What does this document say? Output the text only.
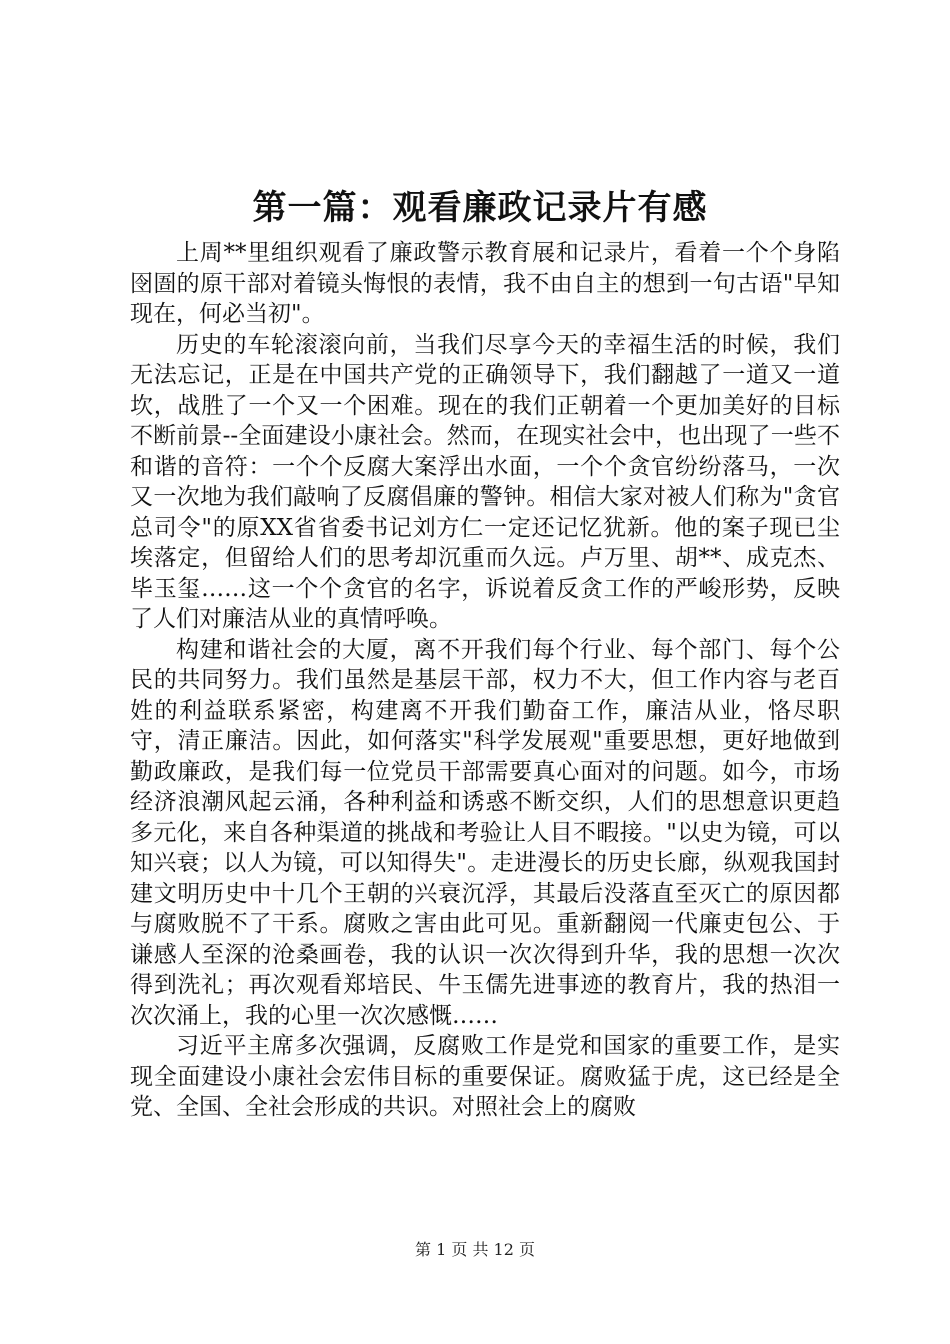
第一篇：观看廉政记录片有感

上周**里组织观看了廉政警示教育展和记录片，看着一个个身陷囹圄的原干部对着镜头悔恨的表情，我不由自主的想到一句古语"早知现在，何必当初"。

历史的车轮滚滚向前，当我们尽享今天的幸福生活的时候，我们无法忘记，正是在中国共产党的正确领导下，我们翻越了一道又一道坎，战胜了一个又一个困难。现在的我们正朝着一个更加美好的目标不断前景--全面建设小康社会。然而，在现实社会中，也出现了一些不和谐的音符：一个个反腐大案浮出水面，一个个贪官纷纷落马，一次又一次地为我们敲响了反腐倡廉的警钟。相信大家对被人们称为"贪官总司令"的原XX省省委书记刘方仁一定还记忆犹新。他的案子现已尘埃落定，但留给人们的思考却沉重而久远。卢万里、胡**、成克杰、毕玉玺……这一个个贪官的名字，诉说着反贪工作的严峻形势，反映了人们对廉洁从业的真情呼唤。

构建和谐社会的大厦，离不开我们每个行业、每个部门、每个公民的共同努力。我们虽然是基层干部，权力不大，但工作内容与老百姓的利益联系紧密，构建离不开我们勤奋工作，廉洁从业，恪尽职守，清正廉洁。因此，如何落实"科学发展观"重要思想，更好地做到勤政廉政，是我们每一位党员干部需要真心面对的问题。如今，市场经济浪潮风起云涌，各种利益和诱惑不断交织，人们的思想意识更趋多元化，来自各种渠道的挑战和考验让人目不暇接。"以史为镜，可以知兴衰；以人为镜，可以知得失"。走进漫长的历史长廊，纵观我国封建文明历史中十几个王朝的兴衰沉浮，其最后没落直至灭亡的原因都与腐败脱不了干系。腐败之害由此可见。重新翻阅一代廉吏包公、于谦感人至深的沧桑画卷，我的认识一次次得到升华，我的思想一次次得到洗礼；再次观看郑培民、牛玉儒先进事迹的教育片，我的热泪一次次涌上，我的心里一次次感慨……

习近平主席多次强调，反腐败工作是党和国家的重要工作，是实现全面建设小康社会宏伟目标的重要保证。腐败猛于虎，这已经是全党、全国、全社会形成的共识。对照社会上的腐败

第 1 页 共 12 页
